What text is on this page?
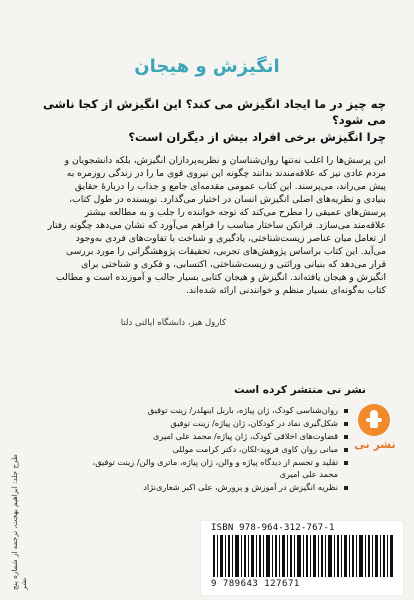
انگیزش و هیجان
چه چیز در ما ایجاد انگیزش می کند؟ این انگیزش از کجا ناشی می شود؟
چرا انگیزش برخی افراد بیش از دیگران است؟

این پرسش‌ها را اغلب نه‌تنها روان‌شناسان و نظریه‌پردازان انگیزش، بلکه دانشجویان و

مردم عادی نیز که علاقه‌مندند بدانند چگونه این نیروی قوی ما را در زندگی روزمره به

پیش می‌راند، می‌پرسند. این کتاب عمومی مقدمه‌ای جامع و جذاب را درباره‌ٔ حقایق

بنیادی و نظریه‌های اصلی انگیزش انسان در اختیار می‌گذارد. نویسنده در طول کتاب،

پرسش‌های عمیقی را مطرح می‌کند که توجه خواننده را جلب و به مطالعه بیشتر

علاقه‌مند می‌سازد. فرانکن ساختار مناسب را فراهم می‌آورد که نشان می‌دهد چگونه رفتار

از تعامل میان عناصر زیست‌شناختی، یادگیری و شناخت با تفاوت‌های فردی به‌وجود

می‌آید. این کتاب براساس پژوهش‌های تجربی، تحقیقات پژوهشگرانی را مورد بررسی

قرار می‌دهد که بنیانی وراثتی و زیست‌شناختی، اکتسابی، و فکری و شناختی برای

انگیزش و هیجان یافته‌اند. انگیزش و هیجان کتابی بسیار جالب و آموزنده است و مطالب

کتاب به‌گونه‌ای بسیار منظم و خوانندنی ارائه شده‌اند.

کارول هیز، دانشگاه ایالتی دلتا
نشر نی منتشر کرده است
روان‌شناسی کودک، ژان پیاژه، باربل اینهلدر/ زینت توفیق
شکل‌گیری نماد در کودکان، ژان پیاژه/ زینت توفیق
قضاوت‌های اخلاقی کودک، ژان پیاژه/ محمد علی امیری
مبانی روان کاوی فروید-لکان، دکتر کرامت موللی
تقلید و تجسم از دیدگاه پیاژه و والن، ژان پیاژه، ماتری والن/ زینت توفیق، محمد علی امیری
نظریه انگیزش در آموزش و پرورش، علی اکبر شعاری‌نژاد
نشر نی
طرح جلد: ابراهیم بهجت، ترجمه از شماره پنج نشر
ISBN 978-964-312-767-1
9 789643 127671
